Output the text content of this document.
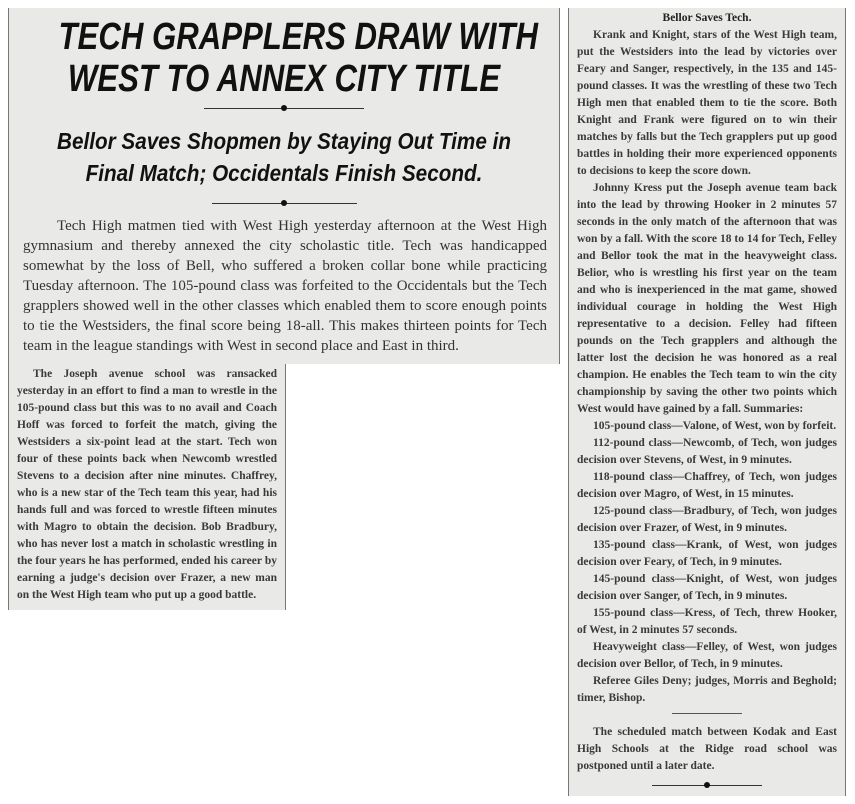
TECH GRAPPLERS DRAW WITH
WEST TO ANNEX CITY TITLE
Bellor Saves Shopmen by Staying Out Time in
Final Match; Occidentals Finish Second.

Tech High matmen tied with West High yesterday afternoon at the West High gymnasium and thereby annexed the city scholastic title. Tech was handicapped somewhat by the loss of Bell, who suffered a broken collar bone while practicing Tuesday afternoon. The 105-pound class was forfeited to the Occidentals but the Tech grapplers showed well in the other classes which enabled them to score enough points to tie the Westsiders, the final score being 18-all. This makes thirteen points for Tech team in the league standings with West in second place and East in third.

The Joseph avenue school was ransacked yesterday in an effort to find a man to wrestle in the 105-pound class but this was to no avail and Coach Hoff was forced to forfeit the match, giving the Westsiders a six-point lead at the start. Tech won four of these points back when Newcomb wrestled Stevens to a decision after nine minutes. Chaffrey, who is a new star of the Tech team this year, had his hands full and was forced to wrestle fifteen minutes with Magro to obtain the decision. Bob Bradbury, who has never lost a match in scholastic wrestling in the four years he has performed, ended his career by earning a judge's decision over Frazer, a new man on the West High team who put up a good battle.

Bellor Saves Tech.

Krank and Knight, stars of the West High team, put the Westsiders into the lead by victories over Feary and Sanger, respectively, in the 135 and 145-pound classes. It was the wrestling of these two Tech High men that enabled them to tie the score. Both Knight and Frank were figured on to win their matches by falls but the Tech grapplers put up good battles in holding their more experienced opponents to decisions to keep the score down.

Johnny Kress put the Joseph avenue team back into the lead by throwing Hooker in 2 minutes 57 seconds in the only match of the afternoon that was won by a fall. With the score 18 to 14 for Tech, Felley and Bellor took the mat in the heavyweight class. Belior, who is wrestling his first year on the team and who is inexperienced in the mat game, showed individual courage in holding the West High representative to a decision. Felley had fifteen pounds on the Tech grapplers and although the latter lost the decision he was honored as a real champion. He enables the Tech team to win the city championship by saving the other two points which West would have gained by a fall. Summaries:

105-pound class—Valone, of West, won by forfeit.

112-pound class—Newcomb, of Tech, won judges decision over Stevens, of West, in 9 minutes.

118-pound class—Chaffrey, of Tech, won judges decision over Magro, of West, in 15 minutes.

125-pound class—Bradbury, of Tech, won judges decision over Frazer, of West, in 9 minutes.

135-pound class—Krank, of West, won judges decision over Feary, of Tech, in 9 minutes.

145-pound class—Knight, of West, won judges decision over Sanger, of Tech, in 9 minutes.

155-pound class—Kress, of Tech, threw Hooker, of West, in 2 minutes 57 seconds.

Heavyweight class—Felley, of West, won judges decision over Bellor, of Tech, in 9 minutes.

Referee Giles Deny; judges, Morris and Beghold; timer, Bishop.

The scheduled match between Kodak and East High Schools at the Ridge road school was postponed until a later date.
